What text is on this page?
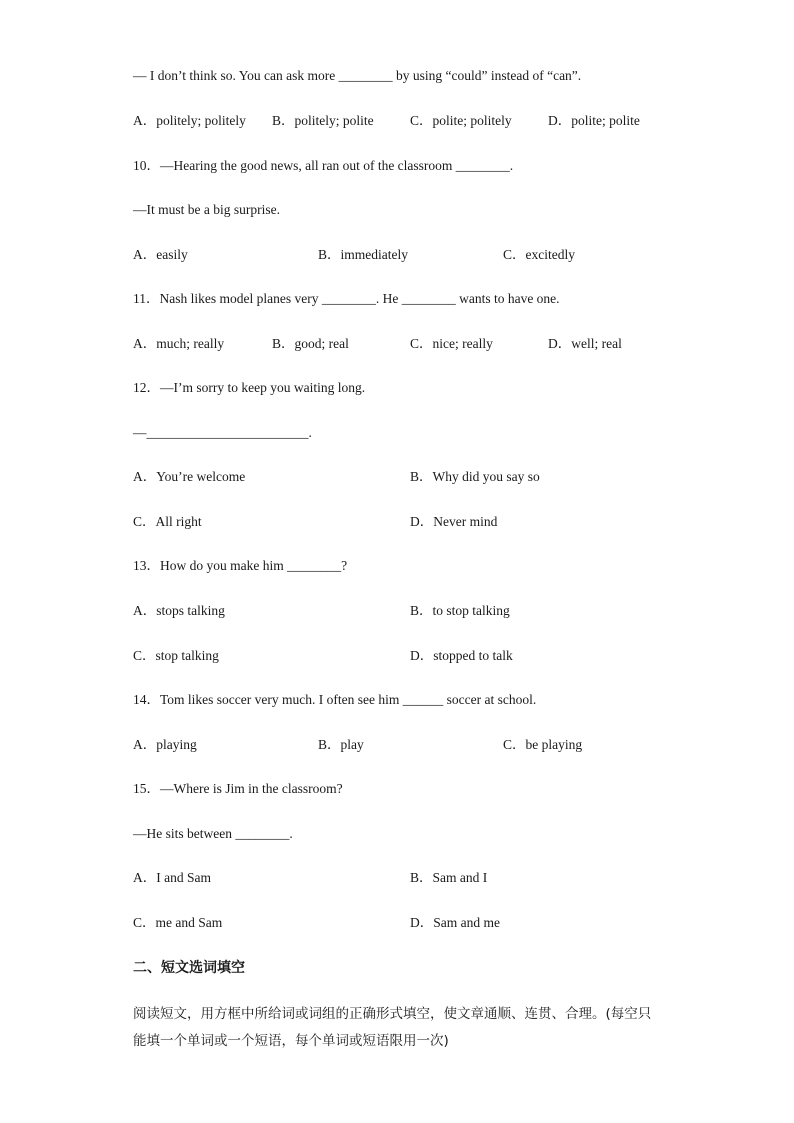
— I don’t think so. You can ask more ________ by using “could” instead of “can”.
A．politely; politely B．politely; polite	C．polite; politely	D．polite; polite
10．—Hearing the good news, all ran out of the classroom ________.
—It must be a big surprise.
A．easily	B．immediately	C．excitedly
11．Nash likes model planes very ________. He ________ wants to have one.
A．much; really	B．good; real	C．nice; really	D．well; real
12．—I’m sorry to keep you waiting long.
—________________________.
A．You’re welcome	B．Why did you say so
C．All right	D．Never mind
13．How do you make him ________?
A．stops talking	B．to stop talking
C．stop talking	D．stopped to talk
14．Tom likes soccer very much. I often see him ______ soccer at school.
A．playing	B．play	C．be playing
15．—Where is Jim in the classroom?
—He sits between ________.
A．I and Sam	B．Sam and I
C．me and Sam	D．Sam and me
二、短文选词填空
阅读短文，用方框中所给词或词组的正确形式填空，使文章通顺、连贯、合理。(每空只能填一个单词或一个短语，每个单词或短语限用一次)
